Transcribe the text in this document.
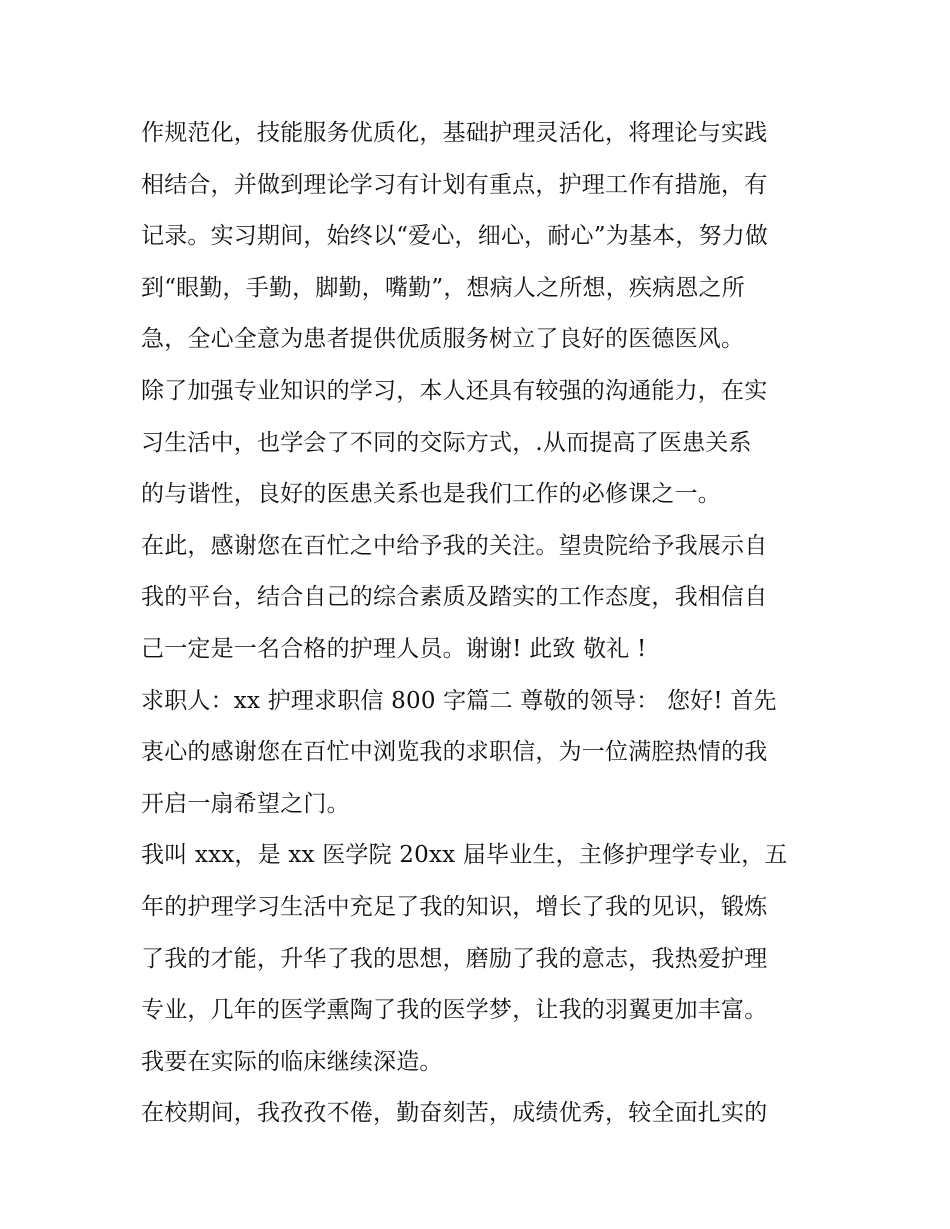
作规范化，技能服务优质化，基础护理灵活化，将理论与实践
相结合，并做到理论学习有计划有重点，护理工作有措施，有
记录。实习期间，始终以“爱心，细心，耐心”为基本，努力做
到“眼勤，手勤，脚勤，嘴勤”，想病人之所想，疾病恩之所
急，全心全意为患者提供优质服务树立了良好的医德医风。
除了加强专业知识的学习，本人还具有较强的沟通能力，在实
习生活中，也学会了不同的交际方式，.从而提高了医患关系
的与谐性，良好的医患关系也是我们工作的必修课之一。
在此，感谢您在百忙之中给予我的关注。望贵院给予我展示自
我的平台，结合自己的综合素质及踏实的工作态度，我相信自
己一定是一名合格的护理人员。谢谢! 此致 敬礼 !
求职人：xx 护理求职信 800 字篇二 尊敬的领导： 您好! 首先
衷心的感谢您在百忙中浏览我的求职信，为一位满腔热情的我
开启一扇希望之门。
我叫 xxx，是 xx 医学院 20xx 届毕业生，主修护理学专业，五
年的护理学习生活中充足了我的知识，增长了我的见识，锻炼
了我的才能，升华了我的思想，磨励了我的意志，我热爱护理
专业，几年的医学熏陶了我的医学梦，让我的羽翼更加丰富。
我要在实际的临床继续深造。
在校期间，我孜孜不倦，勤奋刻苦，成绩优秀，较全面扎实的
